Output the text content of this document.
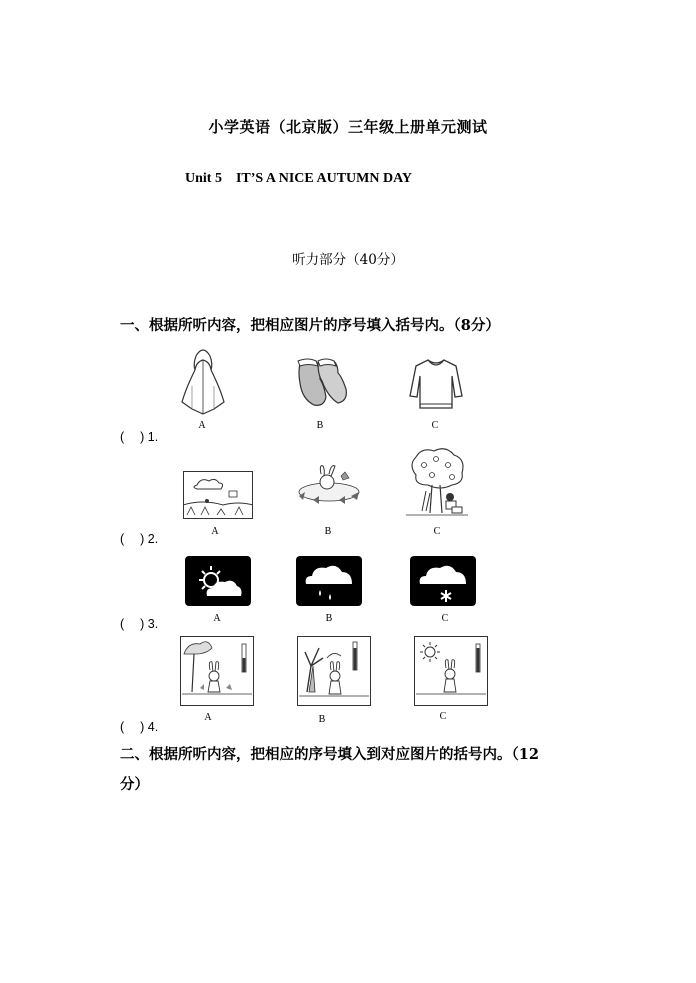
小学英语（北京版）三年级上册单元测试
Unit 5　IT’S A NICE AUTUMN DAY
听力部分（40分）
一、根据所听内容，把相应图片的序号填入括号内。（8分）
A	B	C
(　 ) 1.
A	B	C
(　 ) 2.
A	B	C
(　 ) 3.
A	B	C
(　 ) 4.
二、根据所听内容，把相应的序号填入到对应图片的括号内。（12
分）
